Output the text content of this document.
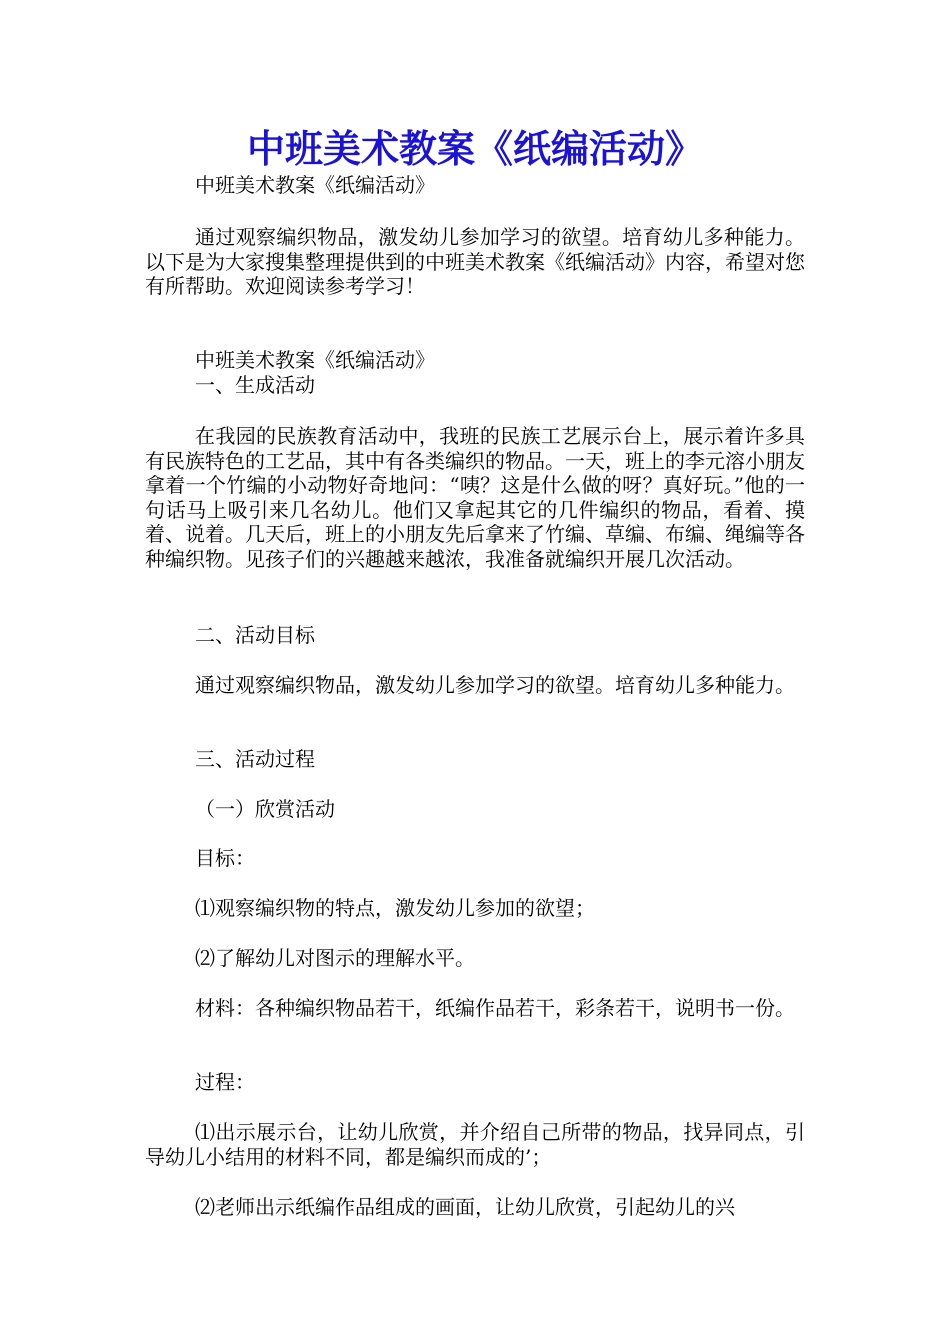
中班美术教案《纸编活动》

中班美术教案《纸编活动》

通过观察编织物品，激发幼儿参加学习的欲望。培育幼儿多种能力。以下是为大家搜集整理提供到的中班美术教案《纸编活动》内容，希望对您有所帮助。欢迎阅读参考学习！

中班美术教案《纸编活动》

一、生成活动

在我园的民族教育活动中，我班的民族工艺展示台上，展示着许多具有民族特色的工艺品，其中有各类编织的物品。一天，班上的李元溶小朋友拿着一个竹编的小动物好奇地问：“咦？这是什么做的呀？真好玩。”他的一句话马上吸引来几名幼儿。他们又拿起其它的几件编织的物品，看着、摸着、说着。几天后，班上的小朋友先后拿来了竹编、草编、布编、绳编等各种编织物。见孩子们的兴趣越来越浓，我准备就编织开展几次活动。

二、活动目标

通过观察编织物品，激发幼儿参加学习的欲望。培育幼儿多种能力。

三、活动过程

（一）欣赏活动

目标：

⑴观察编织物的特点，激发幼儿参加的欲望；

⑵了解幼儿对图示的理解水平。

材料：各种编织物品若干，纸编作品若干，彩条若干，说明书一份。

过程：

⑴出示展示台，让幼儿欣赏，并介绍自己所带的物品，找异同点，引导幼儿小结用的材料不同，都是编织而成的’；

⑵老师出示纸编作品组成的画面，让幼儿欣赏，引起幼儿的兴
